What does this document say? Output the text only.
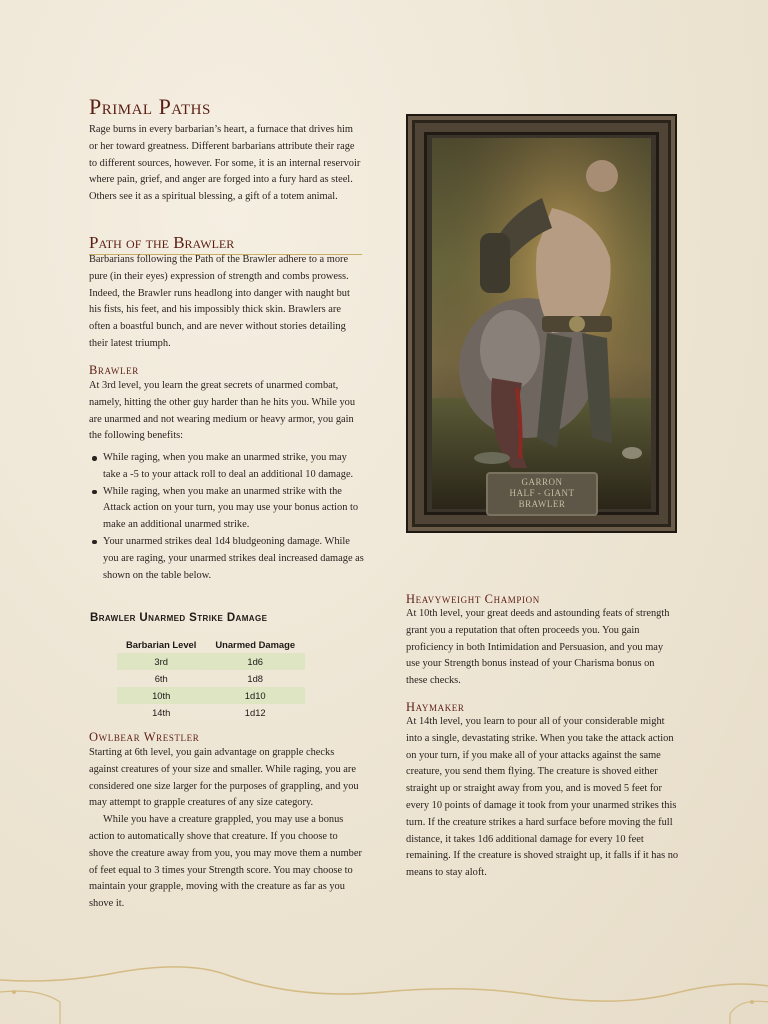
Primal Paths

Rage burns in every barbarian’s heart, a furnace that drives him or her toward greatness. Different barbarians attribute their rage to different sources, however. For some, it is an internal reservoir where pain, grief, and anger are forged into a fury hard as steel. Others see it as a spiritual blessing, a gift of a totem animal.

Path of the Brawler

Barbarians following the Path of the Brawler adhere to a more pure (in their eyes) expression of strength and combs prowess. Indeed, the Brawler runs headlong into danger with naught but his fists, his feet, and his impossibly thick skin. Brawlers are often a boastful bunch, and are never without stories detailing their latest triumph.

Brawler

At 3rd level, you learn the great secrets of unarmed combat, namely, hitting the other guy harder than he hits you. While you are unarmed and not wearing medium or heavy armor, you gain the following benefits:

While raging, when you make an unarmed strike, you may take a -5 to your attack roll to deal an additional 10 damage.
While raging, when you make an unarmed strike with the Attack action on your turn, you may use your bonus action to make an additional unarmed strike.
Your unarmed strikes deal 1d4 bludgeoning damage. While you are raging, your unarmed strikes deal increased damage as shown on the table below.
Brawler Unarmed Strike Damage
Barbarian Level	Unarmed Damage
3rd	1d6
6th	1d8
10th	1d10
14th	1d12
Owlbear Wrestler

Starting at 6th level, you gain advantage on grapple checks against creatures of your size and smaller. While raging, you are considered one size larger for the purposes of grappling, and you may attempt to grapple creatures of any size category.

While you have a creature grappled, you may use a bonus action to automatically shove that creature. If you choose to shove the creature away from you, you may move them a number of feet equal to 3 times your Strength score. You may choose to maintain your grapple, moving with the creature as far as you shove it.

GARRON
HALF - GIANT
BRAWLER
Heavyweight Champion

At 10th level, your great deeds and astounding feats of strength grant you a reputation that often proceeds you. You gain proficiency in both Intimidation and Persuasion, and you may use your Strength bonus instead of your Charisma bonus on these checks.

Haymaker

At 14th level, you learn to pour all of your considerable might into a single, devastating strike. When you take the attack action on your turn, if you make all of your attacks against the same creature, you send them flying. The creature is shoved either straight up or straight away from you, and is moved 5 feet for every 10 points of damage it took from your unarmed strikes this turn. If the creature strikes a hard surface before moving the full distance, it takes 1d6 additional damage for every 10 feet remaining. If the creature is shoved straight up, it falls if it has no means to stay aloft.
